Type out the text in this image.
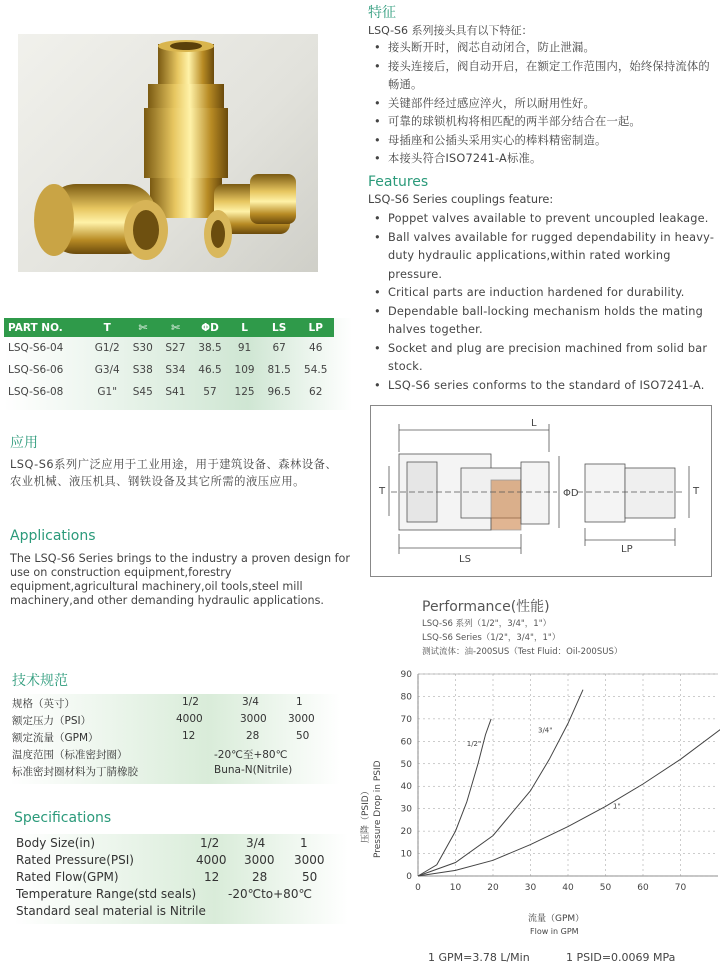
特征
LSQ-S6 系列接头具有以下特征：
• 接头断开时，阀芯自动闭合，防止泄漏。
• 接头连接后，阀自动开启，在额定工作范围内，始终保持流体的畅通。
• 关键部件经过感应淬火，所以耐用性好。
• 可靠的球锁机构将相匹配的两半部分结合在一起。
• 母插座和公插头采用实心的棒料精密制造。
• 本接头符合ISO7241-A标准。
Features
LSQ-S6 Series couplings feature:
• Poppet valves available to prevent uncoupled leakage.
• Ball valves available for rugged dependability in heavy-duty hydraulic applications,within rated working pressure.
• Critical parts are induction hardened for durability.
• Dependable ball-locking mechanism holds the mating halves together.
• Socket and plug are precision machined from solid bar stock.
• LSQ-S6 series conforms to the standard of ISO7241-A.
PART NO.	T	✄	✄	ΦD	L	LS	LP
LSQ-S6-04	G1/2	S30	S27	38.5	91	67	46
LSQ-S6-06	G3/4	S38	S34	46.5	109	81.5	54.5
LSQ-S6-08	G1"	S45	S41	57	125	96.5	62
应用
LSQ-S6系列广泛应用于工业用途，用于建筑设备、森林设备、农业机械、液压机具、钢铁设备及其它所需的液压应用。
Applications
The LSQ-S6 Series brings to the industry a proven design for use on construction equipment,forestry equipment,agricultural machinery,oil tools,steel mill machinery,and other demanding hydraulic applications.
技术规范
规格（英寸）	1/2	3/4	1
额定压力（PSI）	4000	3000 3000
额定流量（GPM）	12	28	50
温度范围（标准密封圈）	-20℃至+80℃
标准密封圈材料为丁腈橡胶	Buna-N(Nitrile)
Specifications
Body Size(in)	1/2 3/4	1
Rated Pressure(PSI)	4000 3000 3000
Rated Flow(GPM)	12	28	50
Temperature Range(std seals)	-20℃to+80℃
Standard seal material is Nitrile
L
T	ΦD
LS
T
LP
Performance(性能)
LSQ-S6 系列（1/2"，3/4"，1"）
LSQ-S6 Series（1/2"，3/4"，1"）
测试流体：油-200SUS（Test Fluid：Oil-200SUS）
0
10
20
30
40
50
60
70
80
90
0	10	20	30	40	50	60	70
1/2"
3/4"
1"
压降（PSID） Pressure Drop in PSID
流量（GPM）
Flow in GPM
1 GPM=3.78 L/Min	1 PSID=0.0069 MPa
